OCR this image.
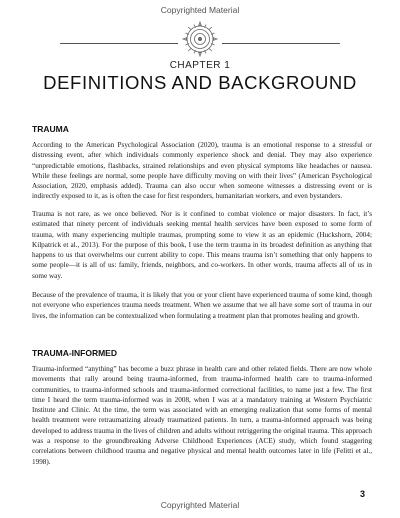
Copyrighted Material
CHAPTER 1
DEFINITIONS AND BACKGROUND
TRAUMA

According to the American Psychological Association (2020), trauma is an emotional response to a stressful or distressing event, after which individuals commonly experience shock and denial. They may also experience “unpredictable emotions, flashbacks, strained relationships and even physical symptoms like headaches or nausea. While these feelings are normal, some people have difficulty moving on with their lives” (American Psychological Association, 2020, emphasis added). Trauma can also occur when someone witnesses a distressing event or is indirectly exposed to it, as is often the case for first responders, humanitarian workers, and even bystanders.

Trauma is not rare, as we once believed. Nor is it confined to combat violence or major disasters. In fact, it’s estimated that ninety percent of individuals seeking mental health services have been exposed to some form of trauma, with many experiencing multiple traumas, prompting some to view it as an epidemic (Huckshorn, 2004; Kilpatrick et al., 2013). For the purpose of this book, I use the term trauma in its broadest definition as anything that happens to us that overwhelms our current ability to cope. This means trauma isn’t something that only happens to some people—it is all of us: family, friends, neighbors, and co-workers. In other words, trauma affects all of us in some way.

Because of the prevalence of trauma, it is likely that you or your client have experienced trauma of some kind, though not everyone who experiences trauma needs treatment. When we assume that we all have some sort of trauma in our lives, the information can be contextualized when formulating a treatment plan that promotes healing and growth.

TRAUMA-INFORMED

Trauma-informed “anything” has become a buzz phrase in health care and other related fields. There are now whole movements that rally around being trauma-informed, from trauma-informed health care to trauma-informed communities, to trauma-informed schools and trauma-informed correctional facilities, to name just a few. The first time I heard the term trauma-informed was in 2008, when I was at a mandatory training at Western Psychiatric Institute and Clinic. At the time, the term was associated with an emerging realization that some forms of mental health treatment were retraumatizing already traumatized patients. In turn, a trauma-informed approach was being developed to address trauma in the lives of children and adults without retriggering the original trauma. This approach was a response to the groundbreaking Adverse Childhood Experiences (ACE) study, which found staggering correlations between childhood trauma and negative physical and mental health outcomes later in life (Felitti et al., 1998).

3
Copyrighted Material
